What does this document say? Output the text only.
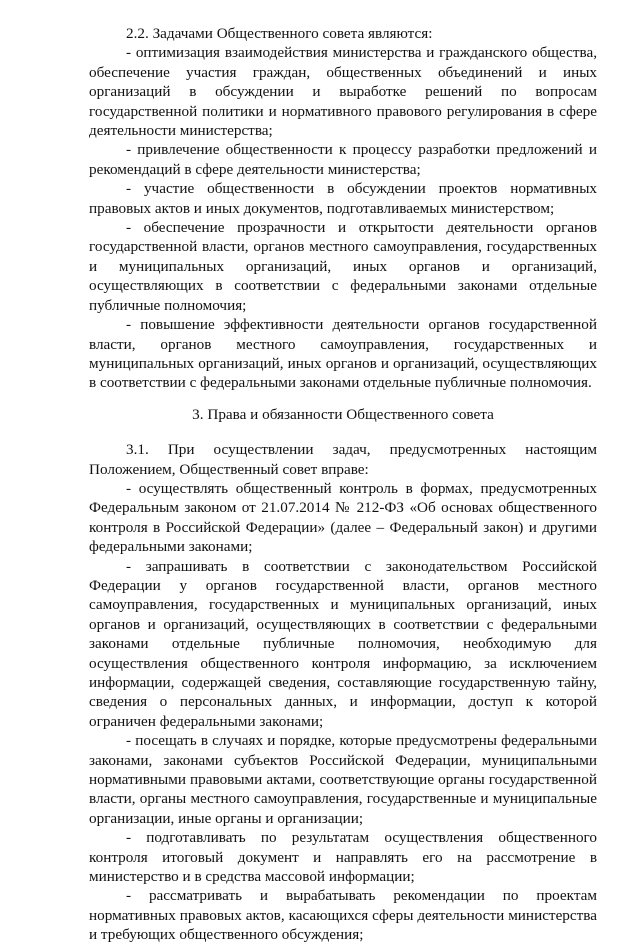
2.2. Задачами Общественного совета являются:

- оптимизация взаимодействия министерства и гражданского общества, обеспечение участия граждан, общественных объединений и иных организаций в обсуждении и выработке решений по вопросам государственной политики и нормативного правового регулирования в сфере деятельности министерства;

- привлечение общественности к процессу разработки предложений и рекомендаций в сфере деятельности министерства;

- участие общественности в обсуждении проектов нормативных правовых актов и иных документов, подготавливаемых министерством;

- обеспечение прозрачности и открытости деятельности органов государственной власти, органов местного самоуправления, государственных и муниципальных организаций, иных органов и организаций, осуществляющих в соответствии с федеральными законами отдельные публичные полномочия;

- повышение эффективности деятельности органов государственной власти, органов местного самоуправления, государственных и муниципальных организаций, иных органов и организаций, осуществляющих в соответствии с федеральными законами отдельные публичные полномочия.

3. Права и обязанности Общественного совета

3.1. При осуществлении задач, предусмотренных настоящим Положением, Общественный совет вправе:

- осуществлять общественный контроль в формах, предусмотренных Федеральным законом от 21.07.2014 № 212-ФЗ «Об основах общественного контроля в Российской Федерации» (далее – Федеральный закон) и другими федеральными законами;

- запрашивать в соответствии с законодательством Российской Федерации у органов государственной власти, органов местного самоуправления, государственных и муниципальных организаций, иных органов и организаций, осуществляющих в соответствии с федеральными законами отдельные публичные полномочия, необходимую для осуществления общественного контроля информацию, за исключением информации, содержащей сведения, составляющие государственную тайну, сведения о персональных данных, и информации, доступ к которой ограничен федеральными законами;

- посещать в случаях и порядке, которые предусмотрены федеральными законами, законами субъектов Российской Федерации, муниципальными нормативными правовыми актами, соответствующие органы государственной власти, органы местного самоуправления, государственные и муниципальные организации, иные органы и организации;

- подготавливать по результатам осуществления общественного контроля итоговый документ и направлять его на рассмотрение в министерство и в средства массовой информации;

- рассматривать и вырабатывать рекомендации по проектам нормативных правовых актов, касающихся сферы деятельности министерства и требующих общественного обсуждения;
